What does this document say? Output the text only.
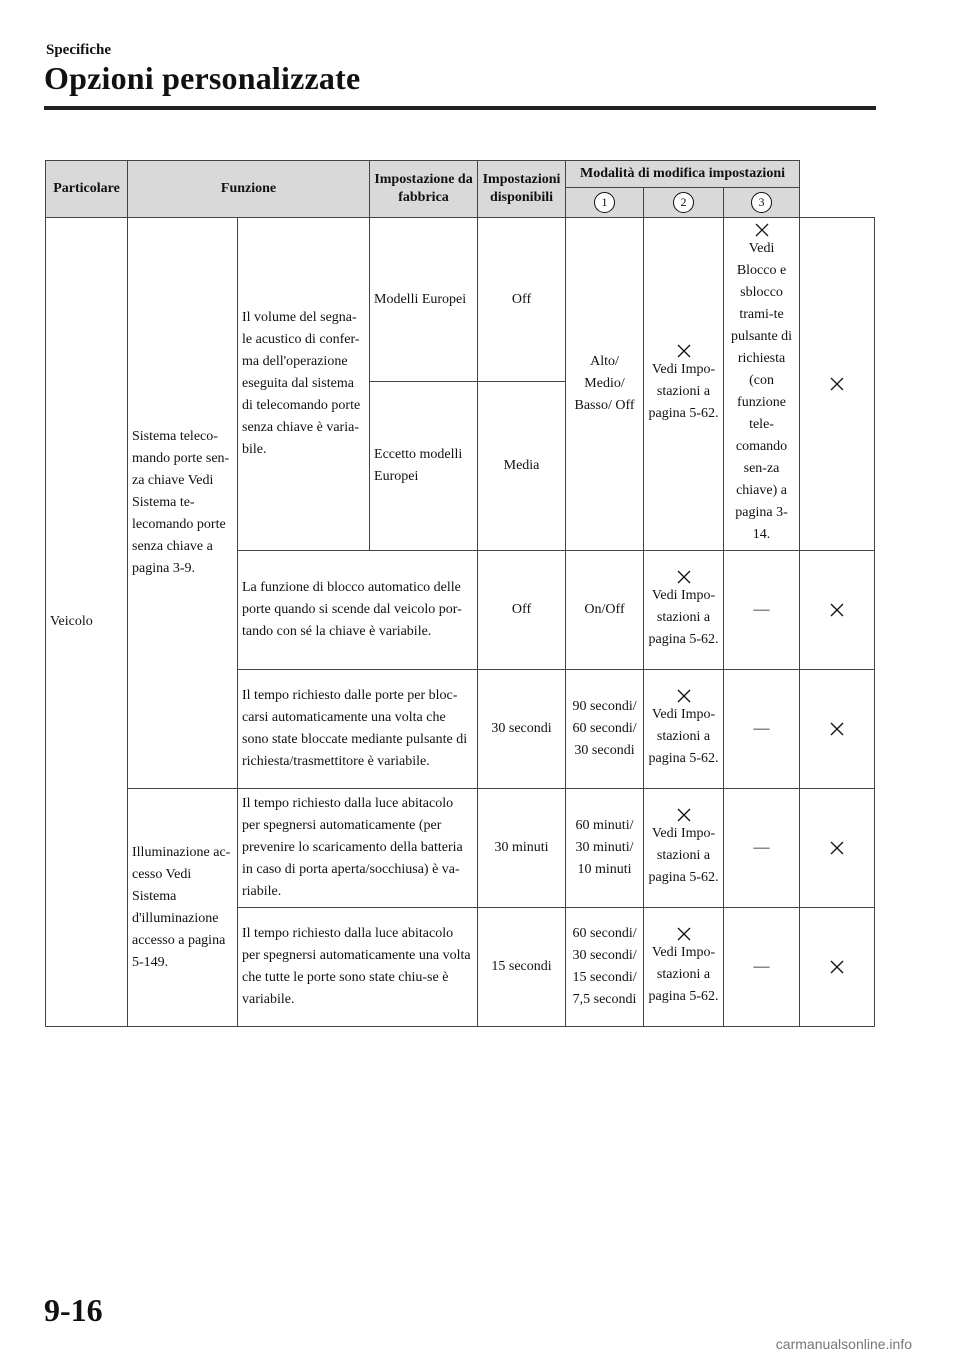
Specifiche
Opzioni personalizzate
Particolare	Funzione		Impostazione da fabbrica	Impostazioni disponibili	Modalità di modifica impostazioni			
					1	2	3	
Veicolo	Sistema teleco-mando porte sen-za chiave Vedi Sistema te-lecomando porte senza chiave a pagina 3-9.	Il volume del segna-le acustico di confer-ma dell'operazione eseguita dal sistema di telecomando porte senza chiave è varia-bile.	Modelli Europei	Off	Alto/ Medio/ Basso/ Off	Vedi Impo-stazioni a pagina 5-62.	Vedi Blocco e sblocco trami-te pulsante di richiesta (con funzione tele-comando sen-za chiave) a pagina 3-14.

			Eccetto modelli Europei	Media				
		La funzione di blocco automatico delle porte quando si scende dal veicolo por-tando con sé la chiave è variabile.		Off	On/Off	Vedi Impo-stazioni a pagina 5-62.	—	

		Il tempo richiesto dalle porte per bloc-carsi automaticamente una volta che sono state bloccate mediante pulsante di richiesta/trasmettitore è variabile.		30 secondi	90 secondi/ 60 secondi/ 30 secondi	Vedi Impo-stazioni a pagina 5-62.	—	

	Illuminazione ac-cesso Vedi Sistema d'illuminazione accesso a pagina 5-149.	Il tempo richiesto dalla luce abitacolo per spegnersi automaticamente (per prevenire lo scaricamento della batteria in caso di porta aperta/socchiusa) è va-riabile.		30 minuti	60 minuti/ 30 minuti/ 10 minuti	Vedi Impo-stazioni a pagina 5-62.	—	

		Il tempo richiesto dalla luce abitacolo per spegnersi automaticamente una volta che tutte le porte sono state chiu-se è variabile.		15 secondi	60 secondi/ 30 secondi/ 15 secondi/ 7,5 secondi	Vedi Impo-stazioni a pagina 5-62.	—	
9-16
carmanualsonline.info
